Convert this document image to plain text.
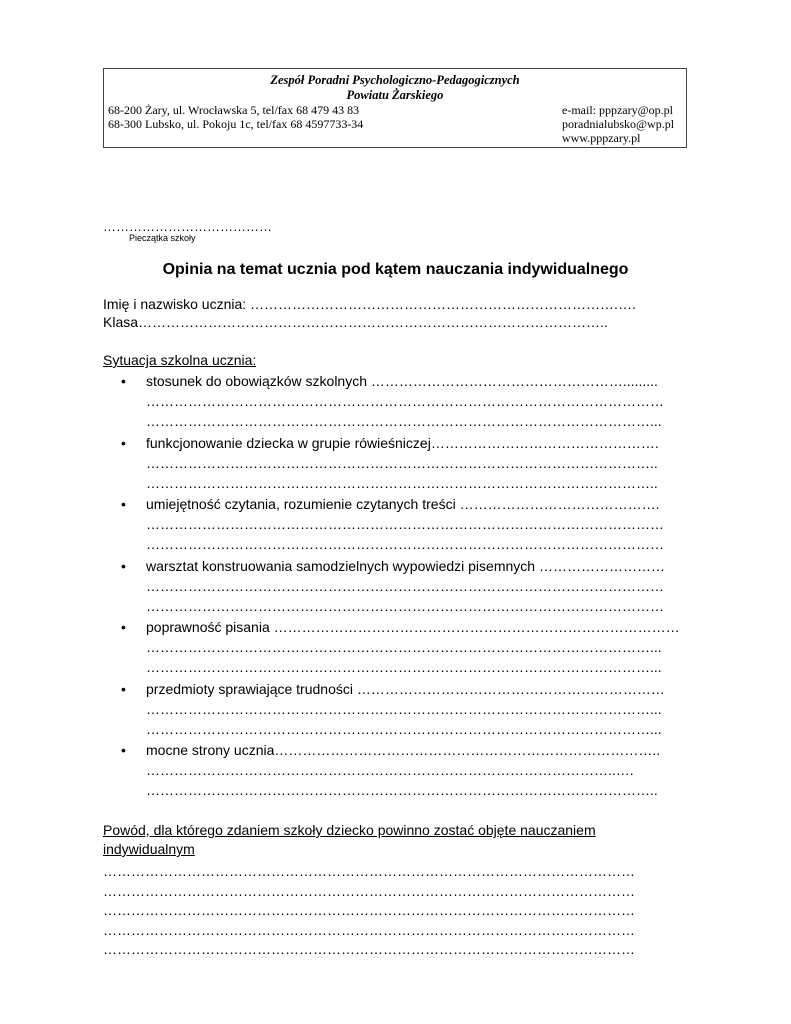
Zespół Poradni Psychologiczno-Pedagogicznych
Powiatu Żarskiego
68-200 Żary, ul. Wrocławska 5, tel/fax 68 479 43 83
68-300 Lubsko, ul. Pokoju 1c, tel/fax 68 4597733-34
e-mail: pppzary@op.pl
poradnialubsko@wp.pl
www.pppzary.pl
…………………………………
Pieczątka szkoły
Opinia na temat ucznia pod kątem nauczania indywidualnego
Imię i nazwisko ucznia: …………………………………………………………………….….
Klasa………………………………………………………………………………………..
Sytuacja szkolna ucznia:
• stosunek do obowiązków szkolnych ……………………………………………….........
…………………………………………………………………………………………………
………………………………………………………………………………………………...
• funkcjonowanie dziecka w grupie rówieśniczej………………………………………….
………………………………………………………………………………………………..
………………………………………………………………………………………………..
• umiejętność czytania, rozumienie czytanych treści …………………………………….
…………………………………………………………………………………………………
…………………………………………………………………………………………………
• warsztat konstruowania samodzielnych wypowiedzi pisemnych ………………………
…………………………………………………………………………………………………
…………………………………………………………………………………………………
• poprawność pisania ……………………………………………………………………………
………………………………………………………………………………………………...
………………………………………………………………………………………………...
• przedmioty sprawiające trudności …………………………………………………………
………………………………………………………………………………………………...
………………………………………………………………………………………………...
• mocne strony ucznia………………………………………………………………………..
………………………………………………………………………………………..….
………………………………………………………………………………………………..
Powód, dla którego zdaniem szkoły dziecko powinno zostać objęte nauczaniem
indywidualnym
……………………………………………………………………………………………………
……………………………………………………………………………………………………
……………………………………………………………………………………………………
……………………………………………………………………………………………………
……………………………………………………………………………………………………
